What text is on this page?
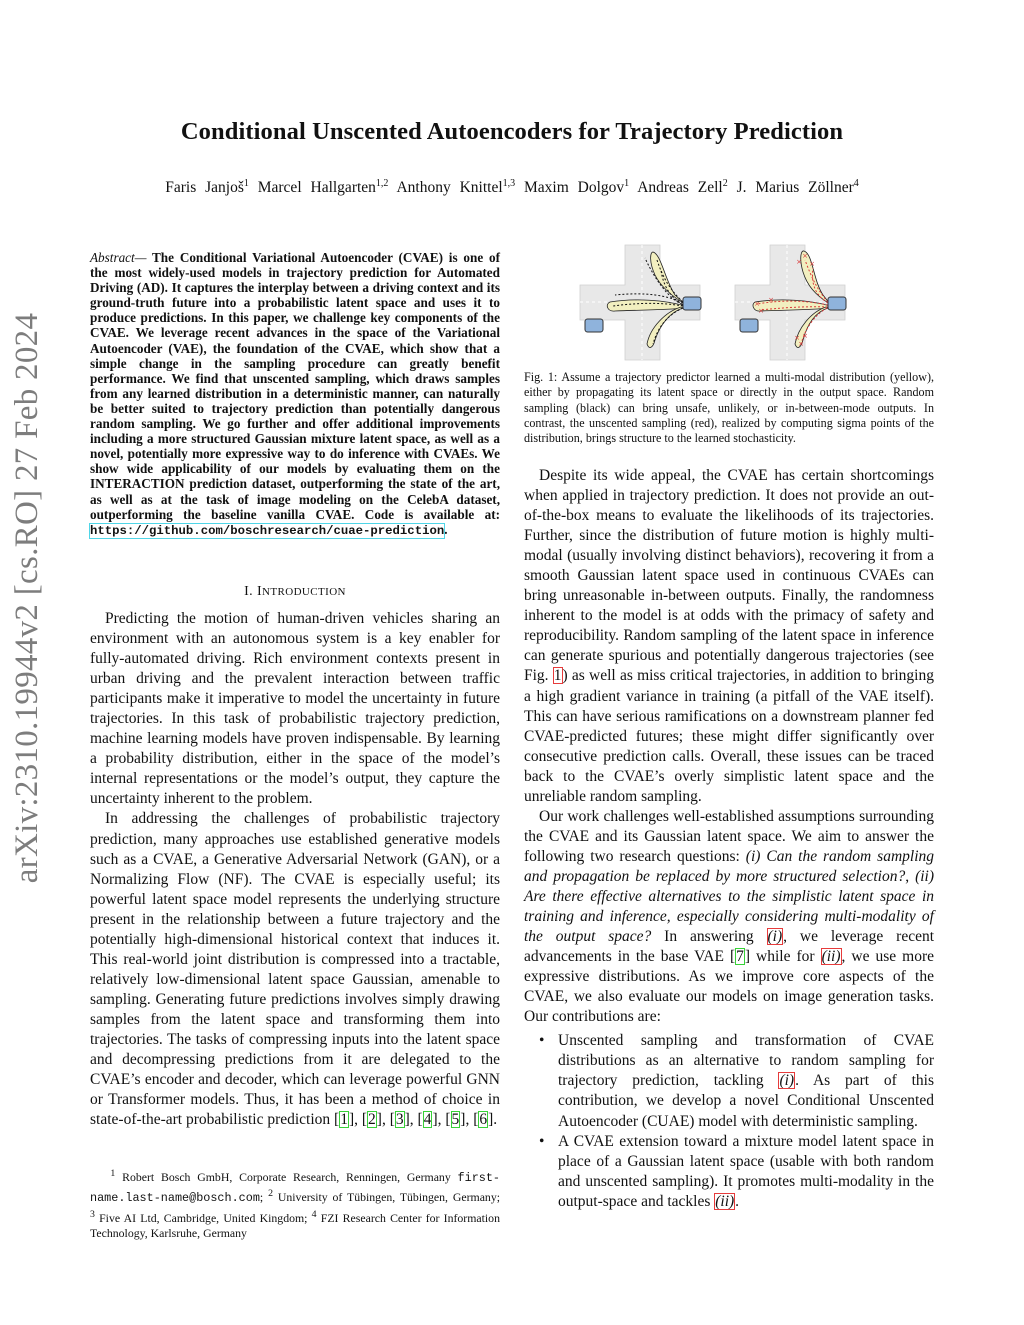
Conditional Unscented Autoencoders for Trajectory Prediction
Faris Janjoš$^1$ Marcel Hallgarten$^{1,2}$ Anthony Knittel$^{1,3}$ Maxim Dolgov$^1$ Andreas Zell$^2$ J. Marius Zöllner$^4$
arXiv:2310.19944v2 [cs.RO] 27 Feb 2024
Abstract— The Conditional Variational Autoencoder (CVAE) is one of the most widely-used models in trajectory prediction for Automated Driving (AD). It captures the interplay between a driving context and its ground-truth future into a probabilistic latent space and uses it to produce predictions. In this paper, we challenge key components of the CVAE. We leverage recent advances in the space of the Variational Autoencoder (VAE), the foundation of the CVAE, which show that a simple change in the sampling procedure can greatly benefit performance. We find that unscented sampling, which draws samples from any learned distribution in a deterministic manner, can naturally be better suited to trajectory prediction than potentially dangerous random sampling. We go further and offer additional improvements including a more structured Gaussian mixture latent space, as well as a novel, potentially more expressive way to do inference with CVAEs. We show wide applicability of our models by evaluating them on the INTERACTION prediction dataset, outperforming the state of the art, as well as at the task of image modeling on the CelebA dataset, outperforming the baseline vanilla CVAE. Code is available at: https://github.com/boschresearch/cuae-prediction.
I. INTRODUCTION

Predicting the motion of human-driven vehicles sharing an environment with an autonomous system is a key enabler for fully-automated driving. Rich environment contexts present in urban driving and the prevalent interaction between traffic participants make it imperative to model the uncertainty in future trajectories. In this task of probabilistic trajectory prediction, machine learning models have proven indispensable. By learning a probability distribution, either in the space of the model’s internal representations or the model’s output, they capture the uncertainty inherent to the problem.

In addressing the challenges of probabilistic trajectory prediction, many approaches use established generative models such as a CVAE, a Generative Adversarial Network (GAN), or a Normalizing Flow (NF). The CVAE is especially useful; its powerful latent space model represents the underlying structure present in the relationship between a future trajectory and the potentially high-dimensional historical context that induces it. This real-world joint distribution is compressed into a tractable, relatively low-dimensional latent space Gaussian, amenable to sampling. Generating future predictions involves simply drawing samples from the latent space and transforming them into trajectories. The tasks of compressing inputs into the latent space and decompressing predictions from it are delegated to the CVAE’s encoder and decoder, which can leverage powerful GNN or Transformer models. Thus, it has been a method of choice in state-of-the-art probabilistic prediction [1], [2], [3], [4], [5], [6].

$^1$ Robert Bosch GmbH, Corporate Research, Renningen, Germany first-name.last-name@bosch.com; $^2$ University of Tübingen, Tübingen, Germany; $^3$ Five AI Ltd, Cambridge, United Kingdom; $^4$ FZI Research Center for Information Technology, Karlsruhe, Germany
×
×
×
×
×
×
×
× ×
Fig. 1: Assume a trajectory predictor learned a multi-modal distribution (yellow), either by propagating its latent space or directly in the output space. Random sampling (black) can bring unsafe, unlikely, or in-between-mode outputs. In contrast, the unscented sampling (red), realized by computing sigma points of the distribution, brings structure to the learned stochasticity.

Despite its wide appeal, the CVAE has certain shortcomings when applied in trajectory prediction. It does not provide an out-of-the-box means to evaluate the likelihoods of its trajectories. Further, since the distribution of future motion is highly multi-modal (usually involving distinct behaviors), recovering it from a smooth Gaussian latent space used in continuous CVAEs can bring unreasonable in-between outputs. Finally, the randomness inherent to the model is at odds with the primacy of safety and reproducibility. Random sampling of the latent space in inference can generate spurious and potentially dangerous trajectories (see Fig. 1) as well as miss critical trajectories, in addition to bringing a high gradient variance in training (a pitfall of the VAE itself). This can have serious ramifications on a downstream planner fed CVAE-predicted futures; these might differ significantly over consecutive prediction calls. Overall, these issues can be traced back to the CVAE’s overly simplistic latent space and the unreliable random sampling.

Our work challenges well-established assumptions surrounding the CVAE and its Gaussian latent space. We aim to answer the following two research questions: (i) Can the random sampling and propagation be replaced by more structured selection?, (ii) Are there effective alternatives to the simplistic latent space in training and inference, especially considering multi-modality of the output space? In answering (i), we leverage recent advancements in the base VAE [7] while for (ii), we use more expressive distributions. As we improve core aspects of the CVAE, we also evaluate our models on image generation tasks. Our contributions are:

• Unscented sampling and transformation of CVAE distributions as an alternative to random sampling for trajectory prediction, tackling (i). As part of this contribution, we develop a novel Conditional Unscented Autoencoder (CUAE) model with deterministic sampling.
• A CVAE extension toward a mixture model latent space in place of a Gaussian latent space (usable with both random and unscented sampling). It promotes multi-modality in the output-space and tackles (ii).
